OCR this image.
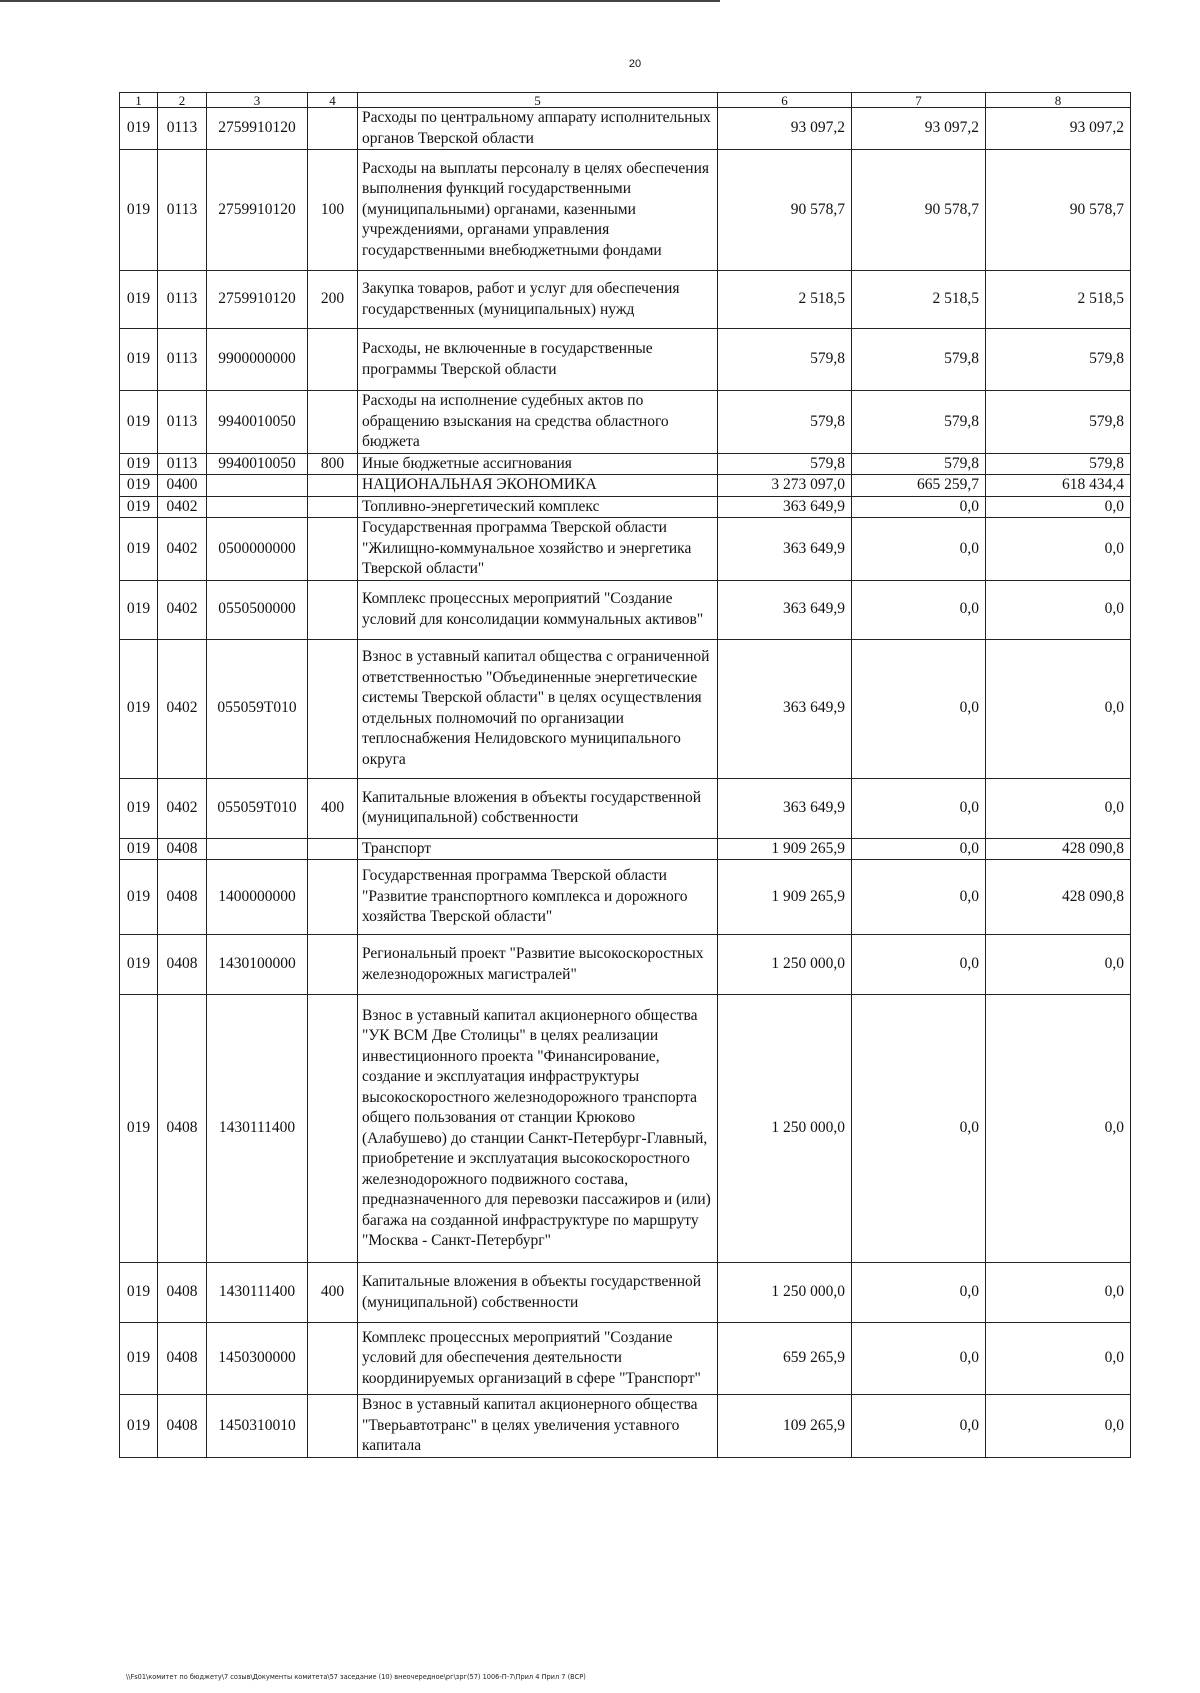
20
1	2	3	4	5	6	7	8
019	0113	2759910120		Расходы по центральному аппарату исполнительных органов Тверской области	93 097,2	93 097,2	93 097,2
019	0113	2759910120	100	Расходы на выплаты персоналу в целях обеспечения выполнения функций государственными (муниципальными) органами, казенными учреждениями, органами управления государственными внебюджетными фондами	90 578,7	90 578,7	90 578,7
019	0113	2759910120	200	Закупка товаров, работ и услуг для обеспечения государственных (муниципальных) нужд	2 518,5	2 518,5	2 518,5
019	0113	9900000000		Расходы, не включенные в государственные программы Тверской области	579,8	579,8	579,8
019	0113	9940010050		Расходы на исполнение судебных актов по обращению взыскания на средства областного бюджета	579,8	579,8	579,8
019	0113	9940010050	800	Иные бюджетные ассигнования	579,8	579,8	579,8
019	0400			НАЦИОНАЛЬНАЯ ЭКОНОМИКА	3 273 097,0	665 259,7	618 434,4
019	0402			Топливно-энергетический комплекс	363 649,9	0,0	0,0
019	0402	0500000000		Государственная программа Тверской области "Жилищно-коммунальное хозяйство и энергетика Тверской области"	363 649,9	0,0	0,0
019	0402	0550500000		Комплекс процессных мероприятий "Создание условий для консолидации коммунальных активов"	363 649,9	0,0	0,0
019	0402	055059Т010		Взнос в уставный капитал общества с ограниченной ответственностью "Объединенные энергетические системы Тверской области" в целях осуществления отдельных полномочий по организации теплоснабжения Нелидовского муниципального округа	363 649,9	0,0	0,0
019	0402	055059Т010	400	Капитальные вложения в объекты государственной (муниципальной) собственности	363 649,9	0,0	0,0
019	0408			Транспорт	1 909 265,9	0,0	428 090,8
019	0408	1400000000		Государственная программа Тверской области "Развитие транспортного комплекса и дорожного хозяйства Тверской области"	1 909 265,9	0,0	428 090,8
019	0408	1430100000		Региональный проект "Развитие высокоскоростных железнодорожных магистралей"	1 250 000,0	0,0	0,0
019	0408	1430111400		Взнос в уставный капитал акционерного общества "УК ВСМ Две Столицы" в целях реализации инвестиционного проекта "Финансирование, создание и эксплуатация инфраструктуры высокоскоростного железнодорожного транспорта общего пользования от станции Крюково (Алабушево) до станции Санкт-Петербург-Главный, приобретение и эксплуатация высокоскоростного железнодорожного подвижного состава, предназначенного для перевозки пассажиров и (или) багажа на созданной инфраструктуре по маршруту "Москва - Санкт-Петербург"	1 250 000,0	0,0	0,0
019	0408	1430111400	400	Капитальные вложения в объекты государственной (муниципальной) собственности	1 250 000,0	0,0	0,0
019	0408	1450300000		Комплекс процессных мероприятий "Создание условий для обеспечения деятельности координируемых организаций в сфере "Транспорт"	659 265,9	0,0	0,0
019	0408	1450310010		Взнос в уставный капитал акционерного общества "Тверьавтотранс" в целях увеличения уставного капитала	109 265,9	0,0	0,0
\\Fs01\комитет по бюджету\7 созыв\Документы комитета\57 заседание (10) внеочередное\рг\зрг(57) 1006-П-7\Прил 4 Прил 7 (ВСР)
